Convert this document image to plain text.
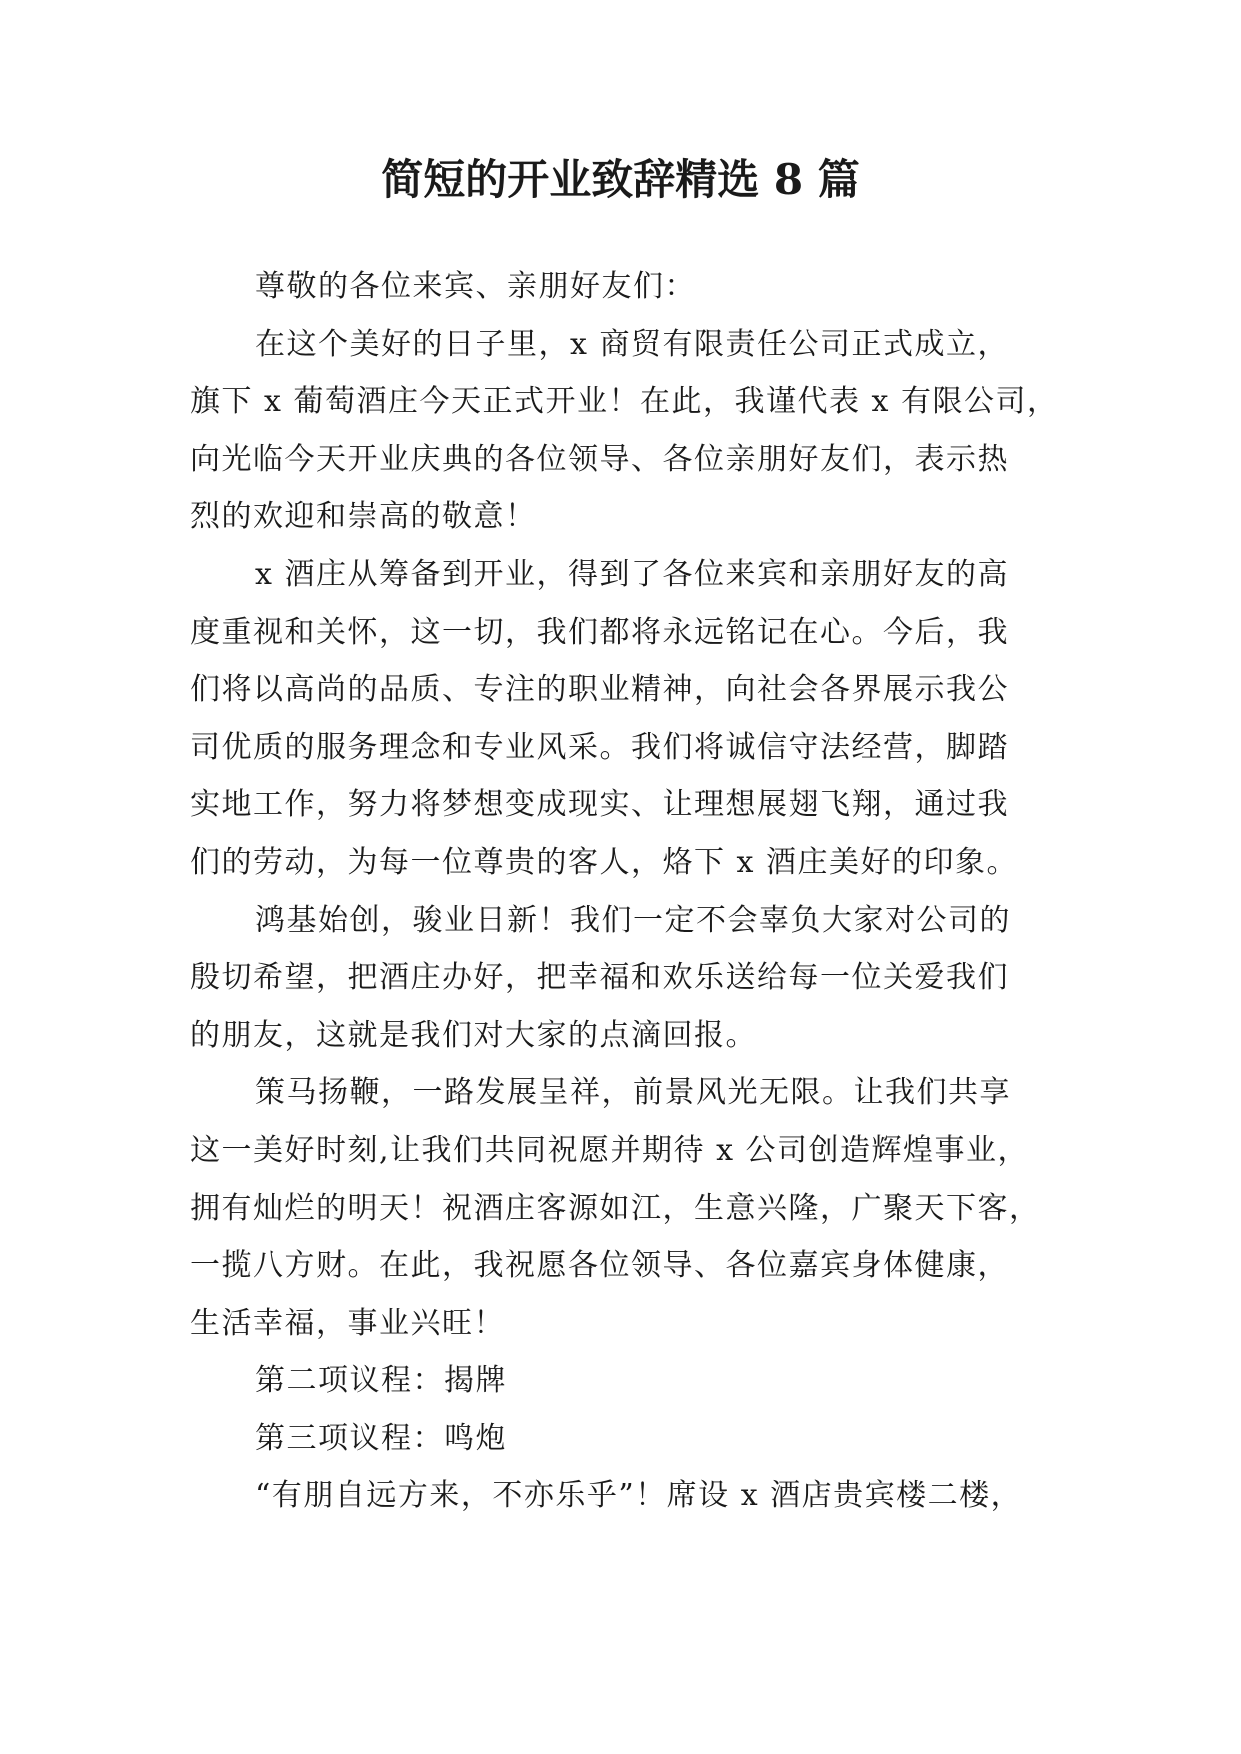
简短的开业致辞精选 8 篇
尊敬的各位来宾、亲朋好友们：
在这个美好的日子里，x 商贸有限责任公司正式成立，
旗下 x 葡萄酒庄今天正式开业！在此，我谨代表 x 有限公司，
向光临今天开业庆典的各位领导、各位亲朋好友们，表示热
烈的欢迎和崇高的敬意！
x 酒庄从筹备到开业，得到了各位来宾和亲朋好友的高
度重视和关怀，这一切，我们都将永远铭记在心。今后，我
们将以高尚的品质、专注的职业精神，向社会各界展示我公
司优质的服务理念和专业风采。我们将诚信守法经营，脚踏
实地工作，努力将梦想变成现实、让理想展翅飞翔，通过我
们的劳动，为每一位尊贵的客人，烙下 x 酒庄美好的印象。
鸿基始创，骏业日新！我们一定不会辜负大家对公司的
殷切希望，把酒庄办好，把幸福和欢乐送给每一位关爱我们
的朋友，这就是我们对大家的点滴回报。
策马扬鞭，一路发展呈祥，前景风光无限。让我们共享
这一美好时刻,让我们共同祝愿并期待 x 公司创造辉煌事业，
拥有灿烂的明天！祝酒庄客源如江，生意兴隆，广聚天下客，
一揽八方财。在此，我祝愿各位领导、各位嘉宾身体健康，
生活幸福，事业兴旺！
第二项议程：揭牌
第三项议程：鸣炮
“有朋自远方来，不亦乐乎”！席设 x 酒店贵宾楼二楼，
